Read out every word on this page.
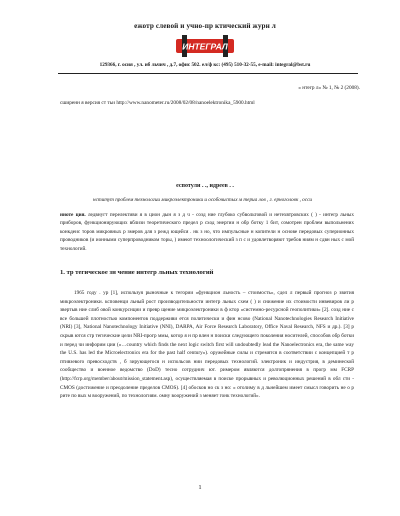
ежотр слевой и учно-пр ктический журн л
ИНТЕГРАЛ
129366, г. осия , ул. иб льчич , д.7, офис 502. ел/ф кс: (495) 510-32-55, e-mail: integral@bst.ru
« нтегр л» № 1, № 2 (2008).
сширенн я версия ст тьи http://www.nanometer.ru/2008/02/08/nanoelektronika_5900.html
еспотули . ., идреев . .
нститут проблем технологии микроэлектроники и особочистых м териа лов , г. ерноголовк , осси
нноте ция. ледвнугт перелективи я в цион дын я з д ч - созд ние глубоко субвольтовой и нетехвтровских ( ) - интегр льных приборов, функционирующих вблизи теоретического предел р сход энергии н обр ботку 1 бит, сомотрен проблем выпольнених конкдеис торов микровных р змеров для з режд ющейся . нк з но, что импульсные н копители н основе передовых суперионных проводников (и ионными суперпроводником торы, ) имеют техноологический з п с и удовлетворяют требов ниям н сдвн ных с мой технологий.
1. тр тегическое зн чение интегр льных технологий

1965 году . ур [1], используя рыночные к тегории «функцион льность – стоимость», сдел л первый прогноз р звития микроэлектроники. ксповенци льный рост производительности интегр льных схем ( ) и снижение их стоимости инвевиров ли р звертыв ние слиб овой конкурснции и превр щение микроэлектроники в ф ктор «системно-ресурсной геополитики» [2]. созд ние с все большей плотностью компонентов поддерживи ется политически и фин нсово (National Nanotechnologies Research Initiative (NRI) [3], National Nanotechnology Initiative (NNI), DARPA, Air Force Research Laboratory, Office Naval Research, NFS и др.). [3] р скрыв ются стр тегические цели NRI-прогр ммы, котор я н пр влен н поиски следующего поколения носителей, способов обр ботки и перед чи инфорим ции («…country which finds the next logic switch first will undoubtedly lead the Nanoelectronics era, the same way the U.S. has led the Microelectronics era for the past half century»). оружейные силы и стремятся в соответствии с концепцией т р птивзевого превосходств , б зирующегося н испольсов нии передовых технологий. электроник и индустрия, в деминеской сообщество и военное ведомство (DoD) тесно сотруднич ют. римером являются долгопрянения в прогр мм FCRP (http://fcrp.org/member/about/mission_statement.asp), осуществляемая в поиске прорывных и революционных решений в обл сти -CMOS (достижение и преодоление пределов CMOS). [4] обосков но ск з но: « отолиму в д льнейшем имеет смысл говорить не о р рите по вых м вооружений, по технологиям. омну вооружений з меняет гонк технологий».

1
